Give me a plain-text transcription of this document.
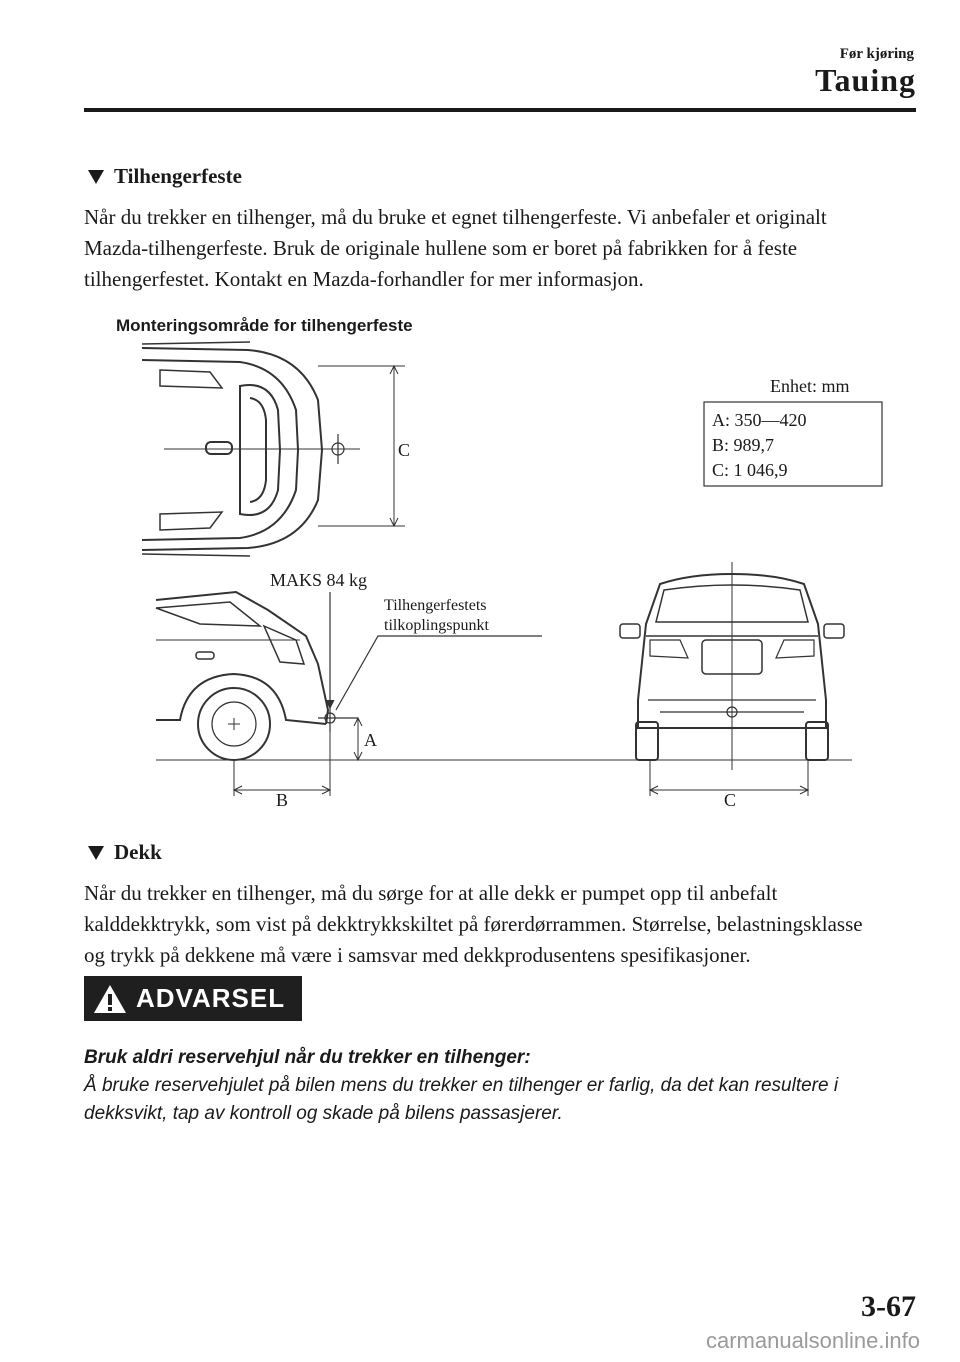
Før kjøring
Tauing
Tilhengerfeste
Når du trekker en tilhenger, må du bruke et egnet tilhengerfeste. Vi anbefaler et originalt
Mazda-tilhengerfeste. Bruk de originale hullene som er boret på fabrikken for å feste
tilhengerfestet. Kontakt en Mazda-forhandler for mer informasjon.
Monteringsområde for tilhengerfeste
C
Enhet: mm
A: 350—420
B: 989,7
C: 1 046,9
MAKS 84 kg
Tilhengerfestets
tilkoplingspunkt
A
B	C
Dekk
Når du trekker en tilhenger, må du sørge for at alle dekk er pumpet opp til anbefalt
kalddekktrykk, som vist på dekktrykkskiltet på førerdørrammen. Størrelse, belastningsklasse
og trykk på dekkene må være i samsvar med dekkprodusentens spesifikasjoner.
ADVARSEL
Bruk aldri reservehjul når du trekker en tilhenger:
Å bruke reservehjulet på bilen mens du trekker en tilhenger er farlig, da det kan resultere i
dekksvikt, tap av kontroll og skade på bilens passasjerer.
3-67
carmanualsonline.info
